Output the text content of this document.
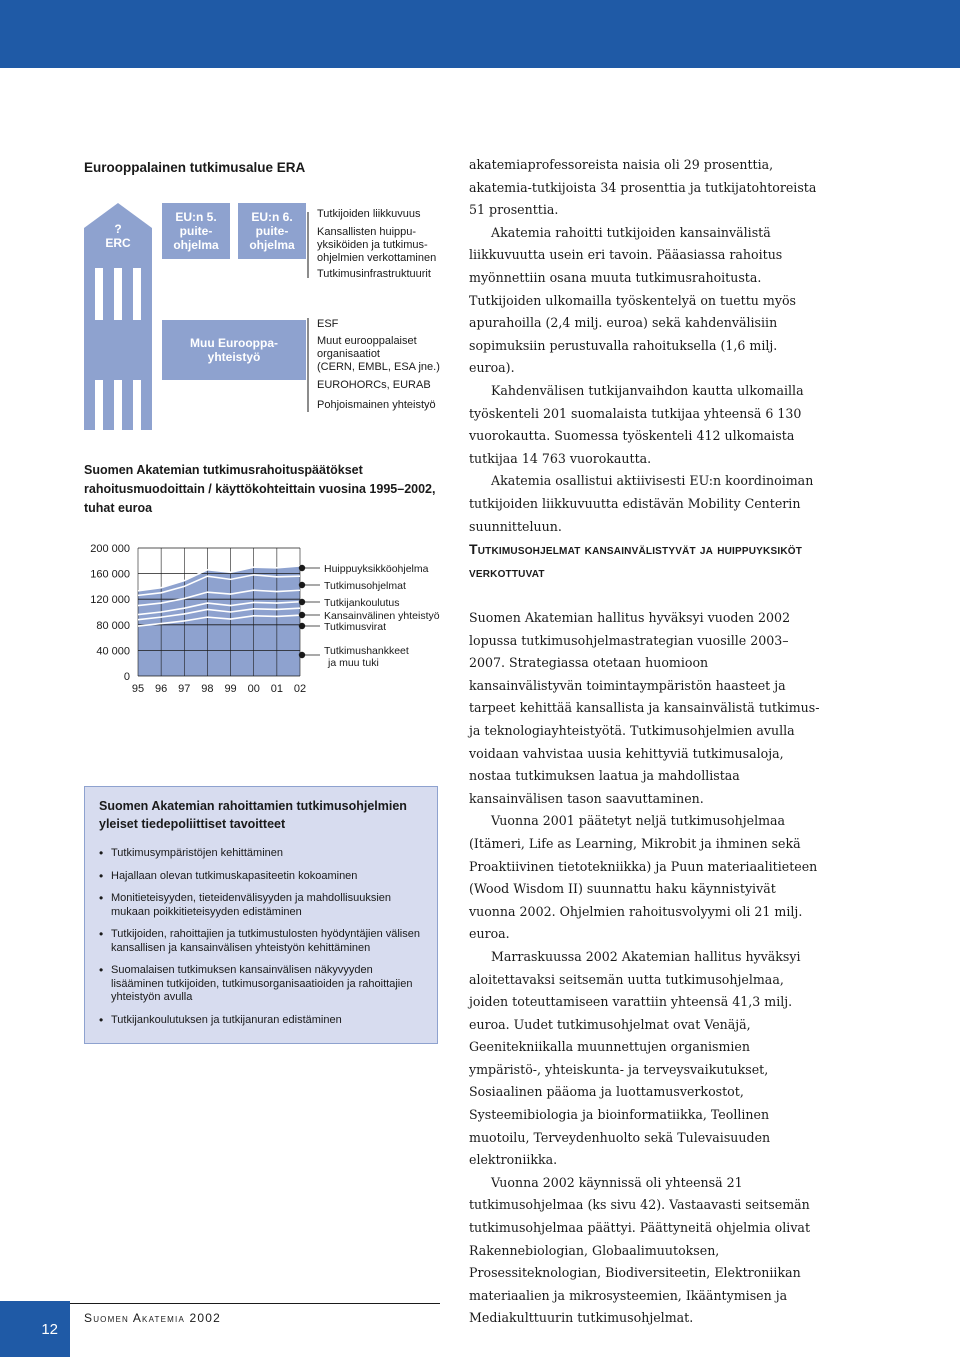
Eurooppalainen tutkimusalue ERA
?
ERC
EU:n 5.
puite-
ohjelma
EU:n 6.
puite-
ohjelma
Muu Eurooppa-
yhteistyö
Tutkijoiden liikkuvuus
Kansallisten huippu-
yksiköiden ja tutkimus-
ohjelmien verkottaminen
Tutkimusinfrastruktuurit
ESF
Muut eurooppalaiset
organisaatiot
(CERN, EMBL, ESA jne.)
EUROHORCs, EURAB
Pohjoismainen yhteistyö
Suomen Akatemian tutkimusrahoituspäätökset rahoitusmuodoittain / käyttökohteittain vuosina 1995–2002, tuhat euroa
200 000
160 000
120 000
80 000
40 000
0
95 96 97 98 99 00 01 02
Huippuyksikköohjelma
Tutkimusohjelmat
Tutkijankoulutus
Kansainvälinen yhteistyö
Tutkimusvirat
Tutkimushankkeet
ja muu tuki
Suomen Akatemian rahoittamien tutkimusohjelmien yleiset tiedepoliittiset tavoitteet
• Tutkimusympäristöjen kehittäminen
• Hajallaan olevan tutkimuskapasiteetin kokoaminen
• Monitieteisyyden, tieteidenvälisyyden ja mahdollisuuksien mukaan poikkitieteisyyden edistäminen
• Tutkijoiden, rahoittajien ja tutkimustulosten hyödyntäjien välisen kansallisen ja kansainvälisen yhteistyön kehittäminen
• Suomalaisen tutkimuksen kansainvälisen näkyvyyden lisääminen tutkijoiden, tutkimusorganisaatioiden ja rahoittajien yhteistyön avulla
• Tutkijankoulutuksen ja tutkijanuran edistäminen

akatemiaprofessoreista naisia oli 29 prosenttia, akatemia-tutkijoista 34 prosenttia ja tutkijatohtoreista 51 prosenttia.

Akatemia rahoitti tutkijoiden kansainvälistä liikkuvuutta usein eri tavoin. Pääasiassa rahoitus myönnettiin osana muuta tutkimusrahoitusta. Tutkijoiden ulkomailla työskentelyä on tuettu myös apurahoilla (2,4 milj. euroa) sekä kahdenvälisiin sopimuksiin perustuvalla rahoituksella (1,6 milj. euroa).

Kahdenvälisen tutkijanvaihdon kautta ulkomailla työskenteli 201 suomalaista tutkijaa yhteensä 6 130 vuorokautta. Suomessa työskenteli 412 ulkomaista tutkijaa 14 763 vuorokautta.

Akatemia osallistui aktiivisesti EU:n koordinoiman tutkijoiden liikkuvuutta edistävän Mobility Centerin suunnitteluun.

Tutkimusohjelmat kansainvälistyvät ja huippuyksiköt verkottuvat

Suomen Akatemian hallitus hyväksyi vuoden 2002 lopussa tutkimusohjelmastrategian vuosille 2003–2007. Strategiassa otetaan huomioon kansainvälistyvän toimintaympäristön haasteet ja tarpeet kehittää kansallista ja kansainvälistä tutkimus- ja teknologiayhteistyötä. Tutkimusohjelmien avulla voidaan vahvistaa uusia kehittyviä tutkimusaloja, nostaa tutkimuksen laatua ja mahdollistaa kansainvälisen tason saavuttaminen.

Vuonna 2001 päätetyt neljä tutkimusohjelmaa (Itämeri, Life as Learning, Mikrobit ja ihminen sekä Proaktiivinen tietotekniikka) ja Puun materiaalitieteen (Wood Wisdom II) suunnattu haku käynnistyivät vuonna 2002. Ohjelmien rahoitusvolyymi oli 21 milj. euroa.

Marraskuussa 2002 Akatemian hallitus hyväksyi aloitettavaksi seitsemän uutta tutkimusohjelmaa, joiden toteuttamiseen varattiin yhteensä 41,3 milj. euroa. Uudet tutkimusohjelmat ovat Venäjä, Geenitekniikalla muunnettujen organismien ympäristö-, yhteiskunta- ja terveysvaikutukset, Sosiaalinen pääoma ja luottamusverkostot, Systeemibiologia ja bioinformatiikka, Teollinen muotoilu, Terveydenhuolto sekä Tulevaisuuden elektroniikka.

Vuonna 2002 käynnissä oli yhteensä 21 tutkimusohjelmaa (ks sivu 42). Vastaavasti seitsemän tutkimusohjelmaa päättyi. Päättyneitä ohjelmia olivat Rakennebiologian, Globaalimuutoksen, Prosessiteknologian, Biodiversiteetin, Elektroniikan materiaalien ja mikrosysteemien, Ikääntymisen ja Mediakulttuurin tutkimusohjelmat.

12
Suomen Akatemia 2002
